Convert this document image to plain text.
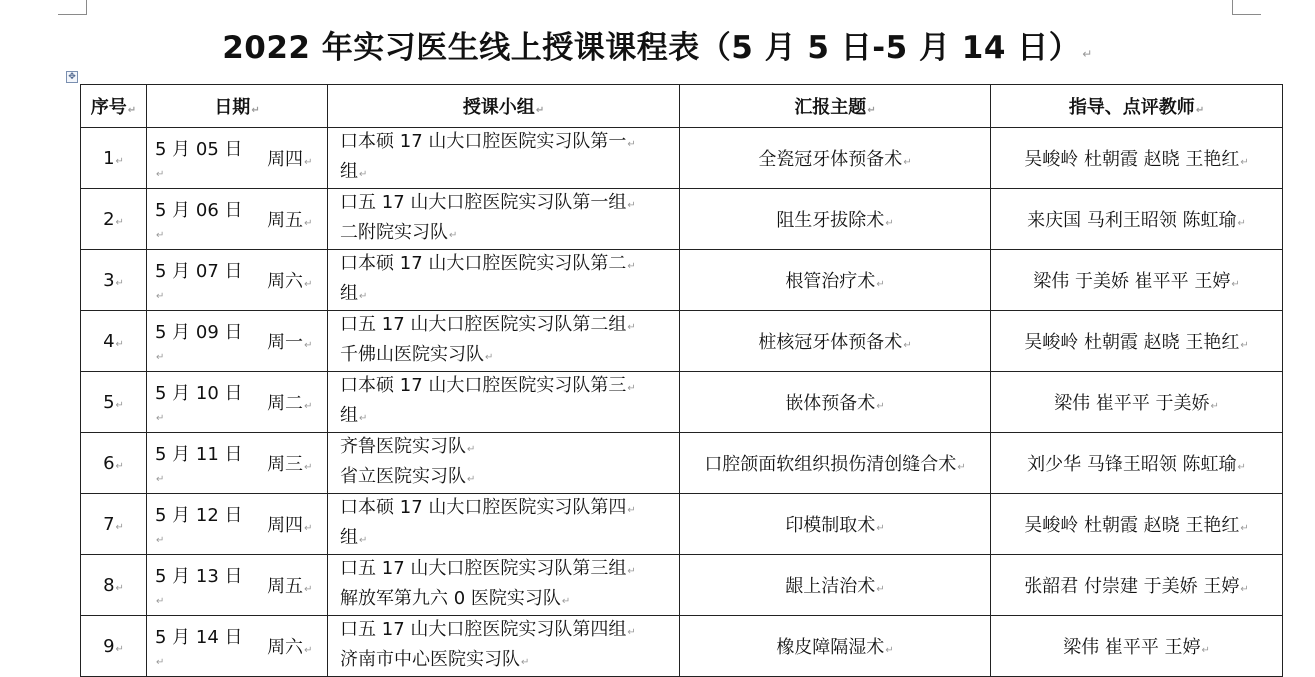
2022 年实习医生线上授课课程表（5 月 5 日-5 月 14 日） ↵
✥
序号↵	日期↵		授课小组↵	汇报主题↵	指导、点评教师↵
1↵	5 月 05 日↵	周四↵	口本硕 17 山大口腔医院实习队第一↵
组↵	全瓷冠牙体预备术↵	吴峻岭 杜朝霞 赵晓 王艳红↵
2↵	5 月 06 日↵	周五↵	口五 17 山大口腔医院实习队第一组↵
二附院实习队↵	阻生牙拔除术↵	来庆国 马利王昭领 陈虹瑜↵
3↵	5 月 07 日↵	周六↵	口本硕 17 山大口腔医院实习队第二↵
组↵	根管治疗术↵	梁伟 于美娇 崔平平 王婷↵
4↵	5 月 09 日↵	周一↵	口五 17 山大口腔医院实习队第二组↵
千佛山医院实习队↵	桩核冠牙体预备术↵	吴峻岭 杜朝霞 赵晓 王艳红↵
5↵	5 月 10 日↵	周二↵	口本硕 17 山大口腔医院实习队第三↵
组↵	嵌体预备术↵	梁伟 崔平平 于美娇↵
6↵	5 月 11 日↵	周三↵	齐鲁医院实习队↵
省立医院实习队↵	口腔颌面软组织损伤清创缝合术↵	刘少华 马锋王昭领 陈虹瑜↵
7↵	5 月 12 日↵	周四↵	口本硕 17 山大口腔医院实习队第四↵
组↵	印模制取术↵	吴峻岭 杜朝霞 赵晓 王艳红↵
8↵	5 月 13 日↵	周五↵	口五 17 山大口腔医院实习队第三组↵
解放军第九六 0 医院实习队↵	龈上洁治术↵	张韶君 付崇建 于美娇 王婷↵
9↵	5 月 14 日↵	周六↵	口五 17 山大口腔医院实习队第四组↵
济南市中心医院实习队↵	橡皮障隔湿术↵	梁伟 崔平平 王婷↵
